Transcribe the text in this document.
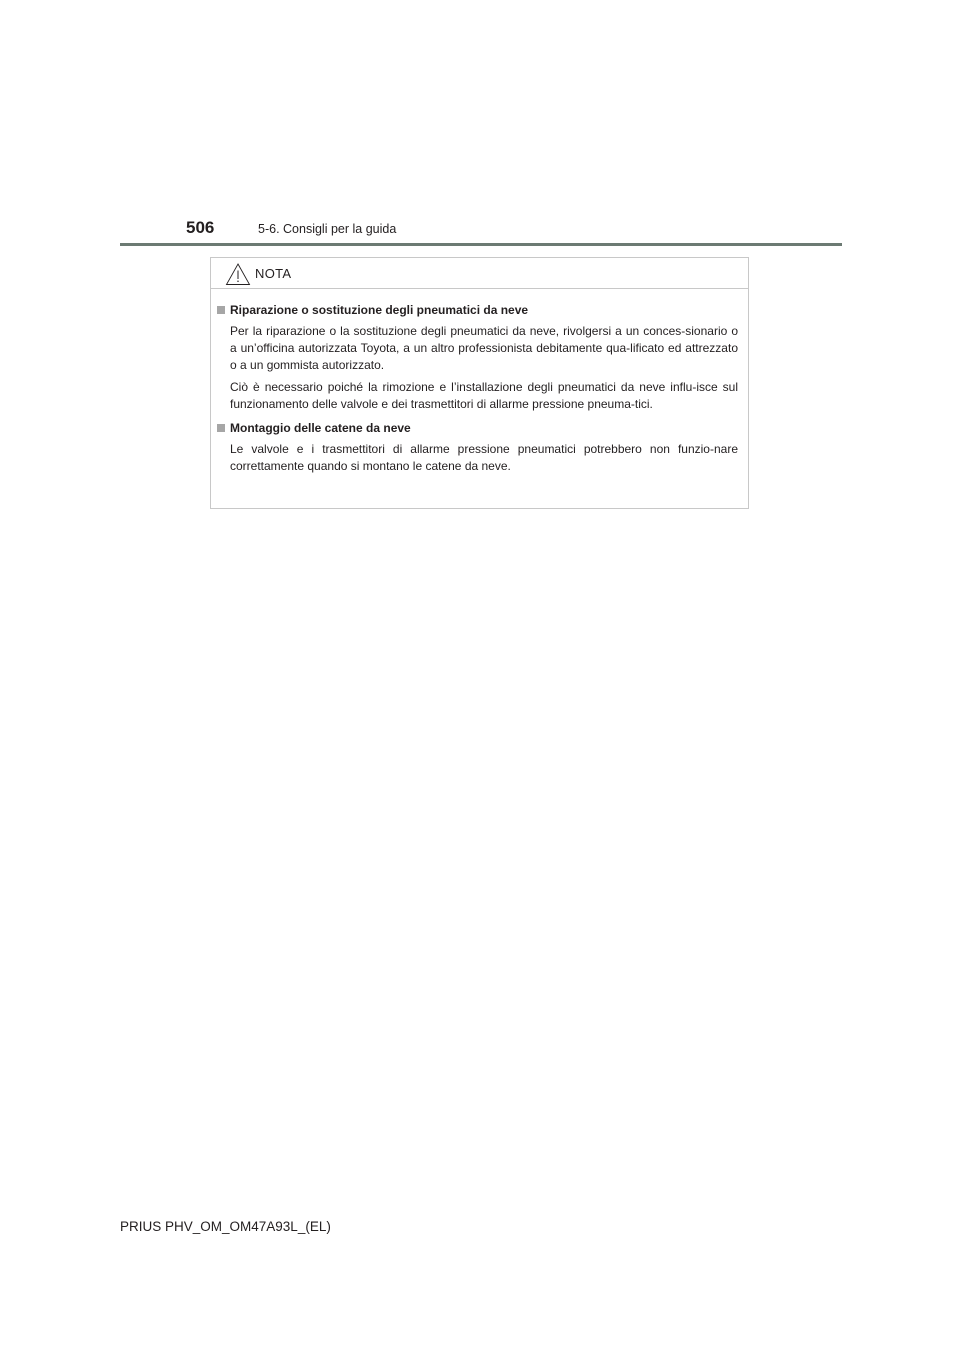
506	5-6. Consigli per la guida
NOTA
Riparazione o sostituzione degli pneumatici da neve

Per la riparazione o la sostituzione degli pneumatici da neve, rivolgersi a un conces-sionario o a un’officina autorizzata Toyota, a un altro professionista debitamente qua-lificato ed attrezzato o a un gommista autorizzato.

Ciò è necessario poiché la rimozione e l’installazione degli pneumatici da neve influ-isce sul funzionamento delle valvole e dei trasmettitori di allarme pressione pneuma-tici.

Montaggio delle catene da neve

Le valvole e i trasmettitori di allarme pressione pneumatici potrebbero non funzio-nare correttamente quando si montano le catene da neve.

PRIUS PHV_OM_OM47A93L_(EL)
